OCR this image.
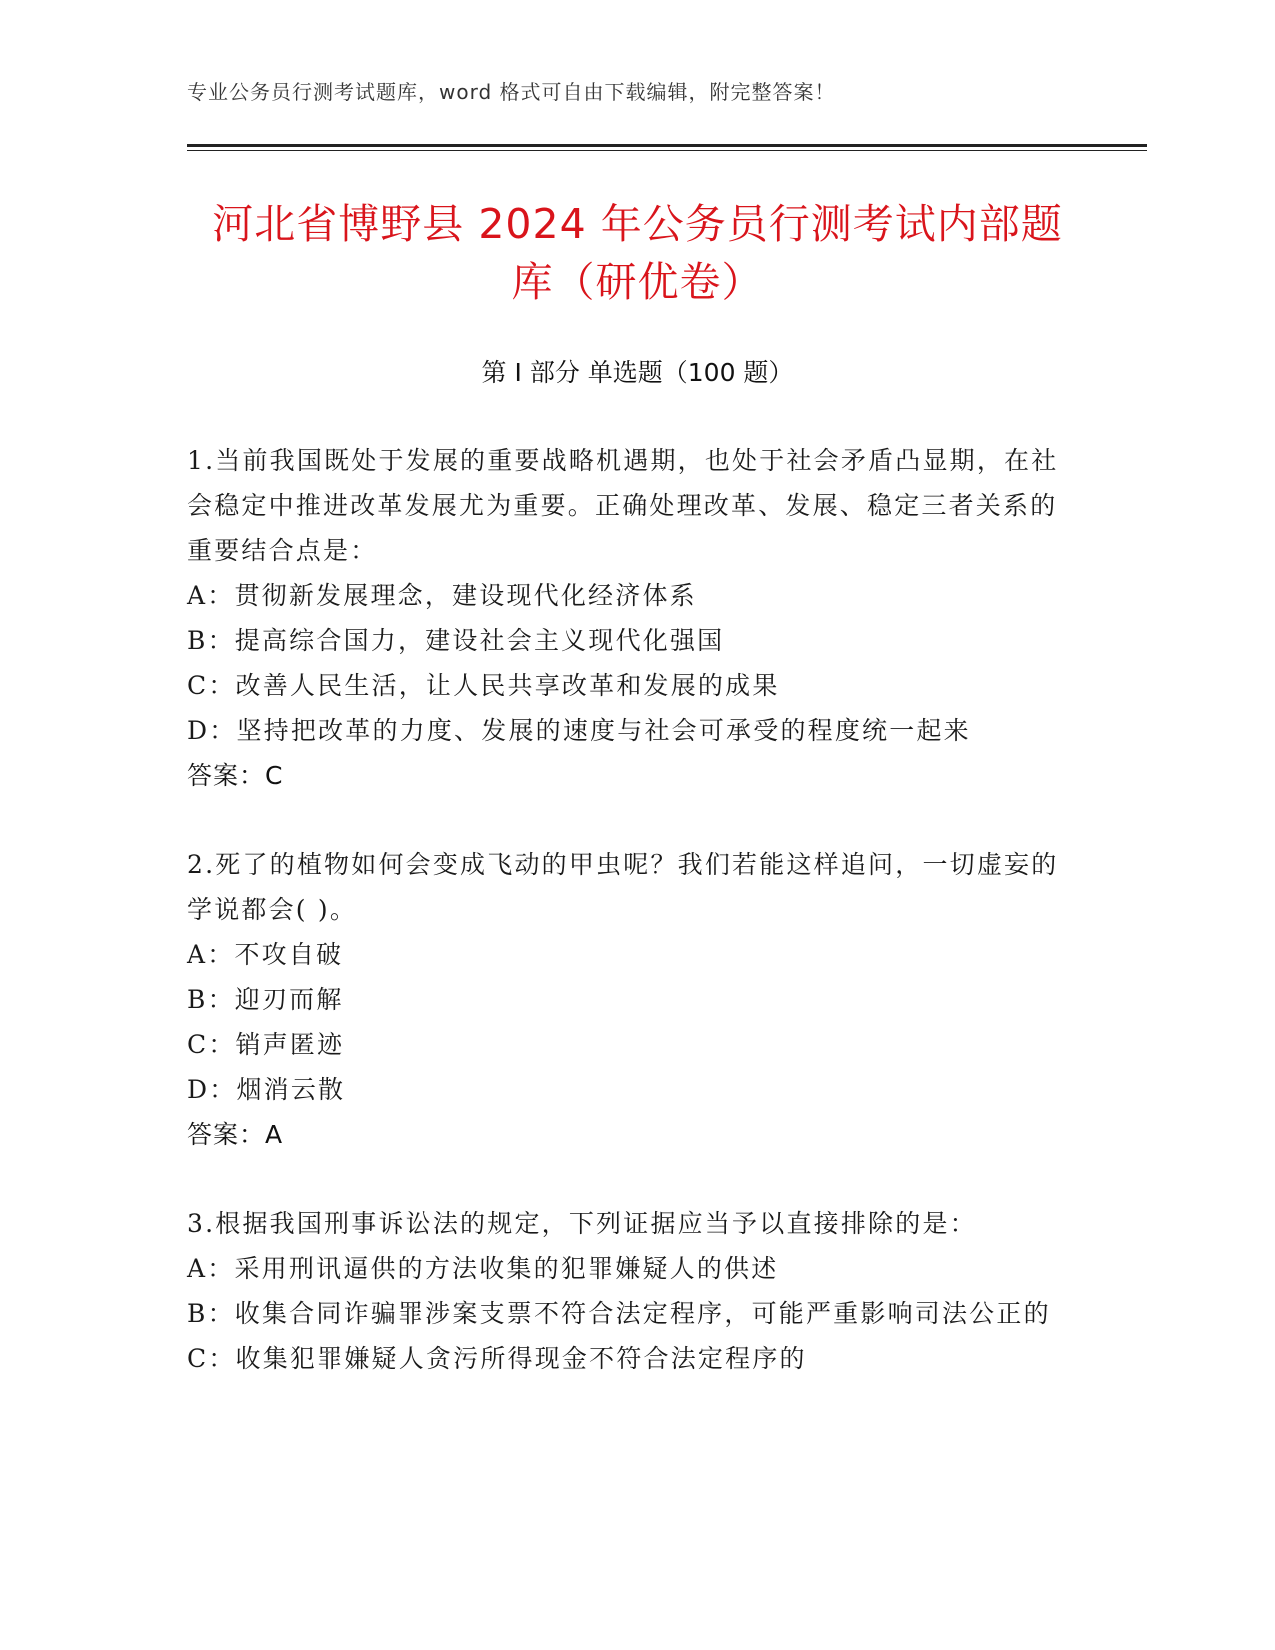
专业公务员行测考试题库，word 格式可自由下载编辑，附完整答案！
河北省博野县 2024 年公务员行测考试内部题
库（研优卷）
第 I 部分 单选题（100 题）

1.当前我国既处于发展的重要战略机遇期，也处于社会矛盾凸显期，在社会稳定中推进改革发展尤为重要。正确处理改革、发展、稳定三者关系的重要结合点是：

A：贯彻新发展理念，建设现代化经济体系

B：提高综合国力，建设社会主义现代化强国

C：改善人民生活，让人民共享改革和发展的成果

D：坚持把改革的力度、发展的速度与社会可承受的程度统一起来

答案：C

2.死了的植物如何会变成飞动的甲虫呢？我们若能这样追问，一切虚妄的学说都会( )。

A：不攻自破

B：迎刃而解

C：销声匿迹

D：烟消云散

答案：A

3.根据我国刑事诉讼法的规定，下列证据应当予以直接排除的是：

A：采用刑讯逼供的方法收集的犯罪嫌疑人的供述

B：收集合同诈骗罪涉案支票不符合法定程序，可能严重影响司法公正的

C：收集犯罪嫌疑人贪污所得现金不符合法定程序的
